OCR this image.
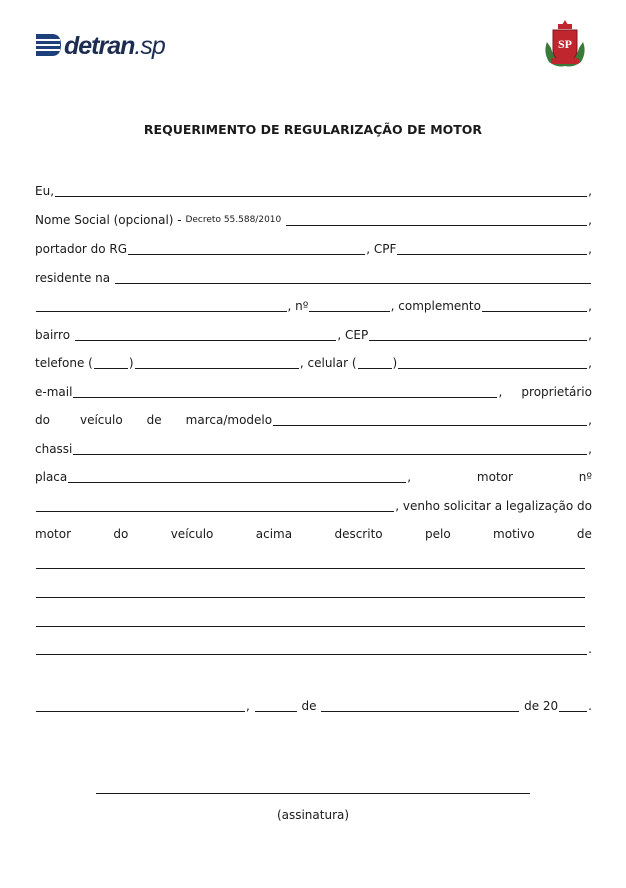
detran.sp	SP
REQUERIMENTO DE REGULARIZAÇÃO DE MOTOR
Eu,	,
Nome Social (opcional) -
Decreto 55.588/2010
	,
portador do RG	,
CPF	,
residente na

,
nº	,
complemento	,
bairro
	,
CEP	,
telefone (	)	,
celular (	)	,
e-mail	, proprietário
do	veículo de marca/modelo	,
chassi	,
placa	,	motor	nº
,
venho solicitar a legalização do
motor	do	veículo	acima	descrito	pelo	motivo	de
.
,

	de

	de 20	.
(assinatura)
